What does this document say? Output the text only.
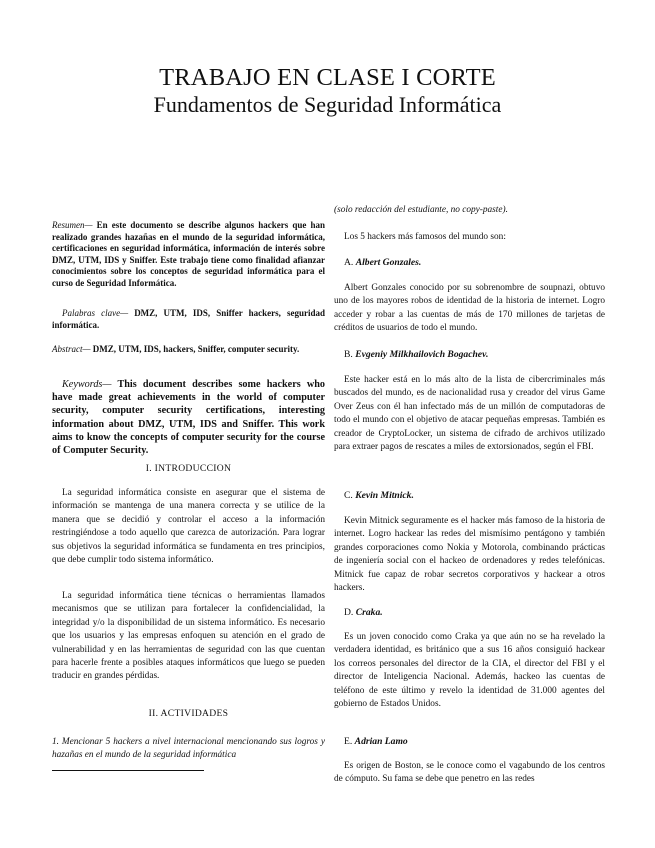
TRABAJO EN CLASE I CORTE
Fundamentos de Seguridad Informática

Resumen— En este documento se describe algunos hackers que han realizado grandes hazañas en el mundo de la seguridad informática, certificaciones en seguridad informática, información de interés sobre DMZ, UTM, IDS y Sniffer. Este trabajo tiene como finalidad afianzar conocimientos sobre los conceptos de seguridad informática para el curso de Seguridad Informática.

Palabras clave— DMZ, UTM, IDS, Sniffer hackers, seguridad informática.

Abstract— DMZ, UTM, IDS, hackers, Sniffer, computer security.

Keywords— This document describes some hackers who have made great achievements in the world of computer security, computer security certifications, interesting information about DMZ, UTM, IDS and Sniffer. This work aims to know the concepts of computer security for the course of Computer Security.

I. INTRODUCCION

La seguridad informática consiste en asegurar que el sistema de información se mantenga de una manera correcta y se utilice de la manera que se decidió y controlar el acceso a la información restringiéndose a todo aquello que carezca de autorización. Para lograr sus objetivos la seguridad informática se fundamenta en tres principios, que debe cumplir todo sistema informático.

La seguridad informática tiene técnicas o herramientas llamados mecanismos que se utilizan para fortalecer la confidencialidad, la integridad y/o la disponibilidad de un sistema informático. Es necesario que los usuarios y las empresas enfoquen su atención en el grado de vulnerabilidad y en las herramientas de seguridad con las que cuentan para hacerle frente a posibles ataques informáticos que luego se pueden traducir en grandes pérdidas.

II. ACTIVIDADES

1. Mencionar 5 hackers a nivel internacional mencionando sus logros y hazañas en el mundo de la seguridad informática

(solo redacción del estudiante, no copy-paste).

Los 5 hackers más famosos del mundo son:

A. Albert Gonzales.

Albert Gonzales conocido por su sobrenombre de soupnazi, obtuvo uno de los mayores robos de identidad de la historia de internet. Logro acceder y robar a las cuentas de más de 170 millones de tarjetas de créditos de usuarios de todo el mundo.

B. Evgeniy Milkhailovich Bogachev.

Este hacker está en lo más alto de la lista de cibercriminales más buscados del mundo, es de nacionalidad rusa y creador del virus Game Over Zeus con él han infectado más de un millón de computadoras de todo el mundo con el objetivo de atacar pequeñas empresas. También es creador de CryptoLocker, un sistema de cifrado de archivos utilizado para extraer pagos de rescates a miles de extorsionados, según el FBI.

C. Kevin Mitnick.

Kevin Mitnick seguramente es el hacker más famoso de la historia de internet. Logro hackear las redes del mismísimo pentágono y también grandes corporaciones como Nokia y Motorola, combinando prácticas de ingeniería social con el hackeo de ordenadores y redes telefónicas. Mitnick fue capaz de robar secretos corporativos y hackear a otros hackers.

D. Craka.

Es un joven conocido como Craka ya que aún no se ha revelado la verdadera identidad, es británico que a sus 16 años consiguió hackear los correos personales del director de la CIA, el director del FBI y el director de Inteligencia Nacional. Además, hackeo las cuentas de teléfono de este último y revelo la identidad de 31.000 agentes del gobierno de Estados Unidos.

E. Adrian Lamo

Es origen de Boston, se le conoce como el vagabundo de los centros de cómputo. Su fama se debe que penetro en las redes
